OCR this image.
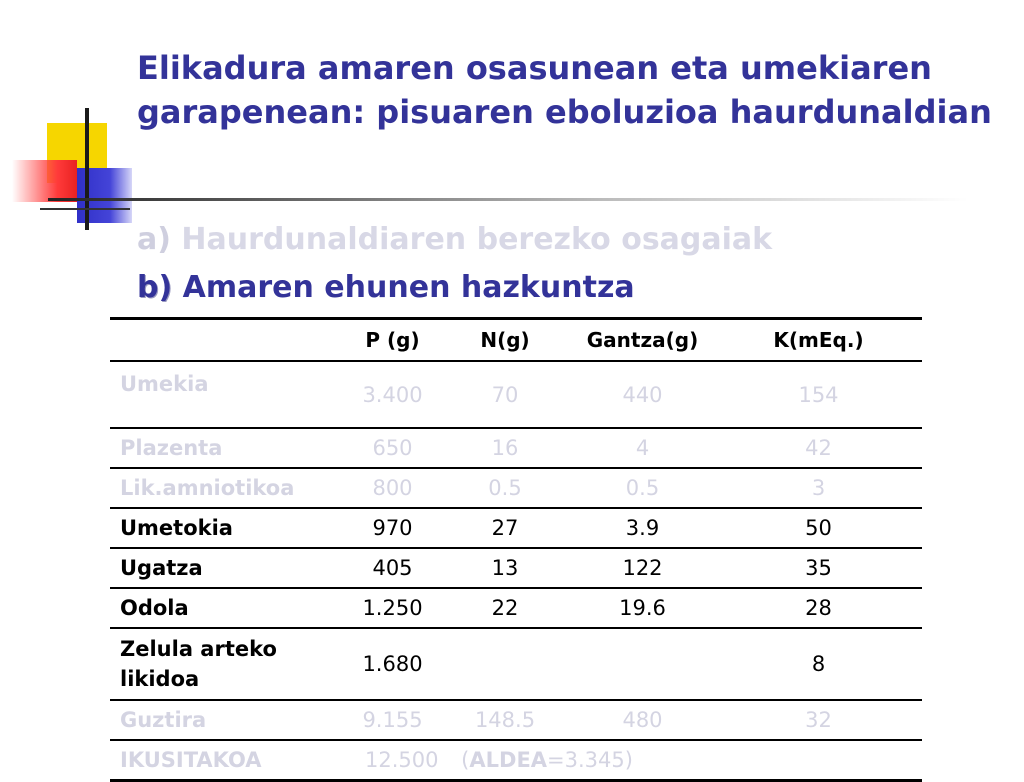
Elikadura amaren osasunean eta umekiaren garapenean: pisuaren eboluzioa haurdunaldian
a) Haurdunaldiaren berezko osagaiak
b) Amaren ehunen hazkuntza
	P (g)	N(g)	Gantza(g)	K(mEq.)
Umekia	3.400	70	440	154
Plazenta	650	16	4	42
Lik.amniotikoa	800	0.5	0.5	3
Umetokia	970	27	3.9	50
Ugatza	405	13	122	35
Odola	1.250	22	19.6	28
Zelula arteko likidoa	1.680			8
Guztira	9.155	148.5	480	32
IKUSITAKOA	12.500 (ALDEA=3.345)			
